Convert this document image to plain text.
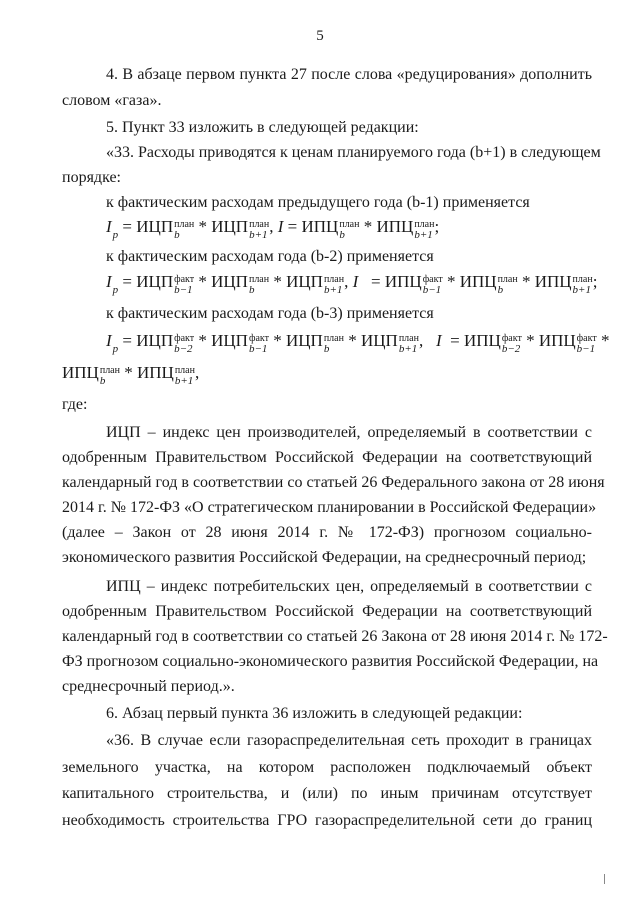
5
4. В абзаце первом пункта 27 после слова «редуцирования» дополнить
словом «газа».
5. Пункт 33 изложить в следующей редакции:
«33. Расходы приводятся к ценам планируемого года (b+1) в следующем
порядке:
к фактическим расходам предыдущего года (b-1) применяется
I
p = ИЦП план
b	* ИЦП план
b+1 , I = ИПЦ план
b	* ИПЦ план
b+1 ;
к фактическим расходам года (b-2) применяется
I
p = ИЦП факт
b−1 * ИЦП план
b	* ИЦП план
b+1 , I = ИПЦ факт
b−1 * ИПЦ план
b	* ИПЦ план
b+1 ;
к фактическим расходам года (b-3) применяется
I
p = ИЦП факт
b−2 * ИЦП факт
b−1 * ИЦП план
b	* ИЦП план
b+1 , I = ИПЦ факт
b−2 * ИПЦ факт
b−1 *
ИПЦ план
b	* ИПЦ план
b+1 ,
где:
ИЦП – индекс цен производителей, определяемый в соответствии с
одобренным Правительством Российской Федерации на соответствующий
календарный год в соответствии со статьей 26 Федерального закона от 28 июня
2014 г. № 172-ФЗ «О стратегическом планировании в Российской Федерации»
(далее – Закон от 28 июня 2014 г. № 172-ФЗ) прогнозом социально-
экономического развития Российской Федерации, на среднесрочный период;
ИПЦ – индекс потребительских цен, определяемый в соответствии с
одобренным Правительством Российской Федерации на соответствующий
календарный год в соответствии со статьей 26 Закона от 28 июня 2014 г. № 172-
ФЗ прогнозом социально-экономического развития Российской Федерации, на
среднесрочный период.».
6. Абзац первый пункта 36 изложить в следующей редакции:
«36. В случае если газораспределительная сеть проходит в границах
земельного участка, на котором расположен подключаемый объект
капитального строительства, и (или) по иным причинам отсутствует
необходимость строительства ГРО газораспределительной сети до границ
